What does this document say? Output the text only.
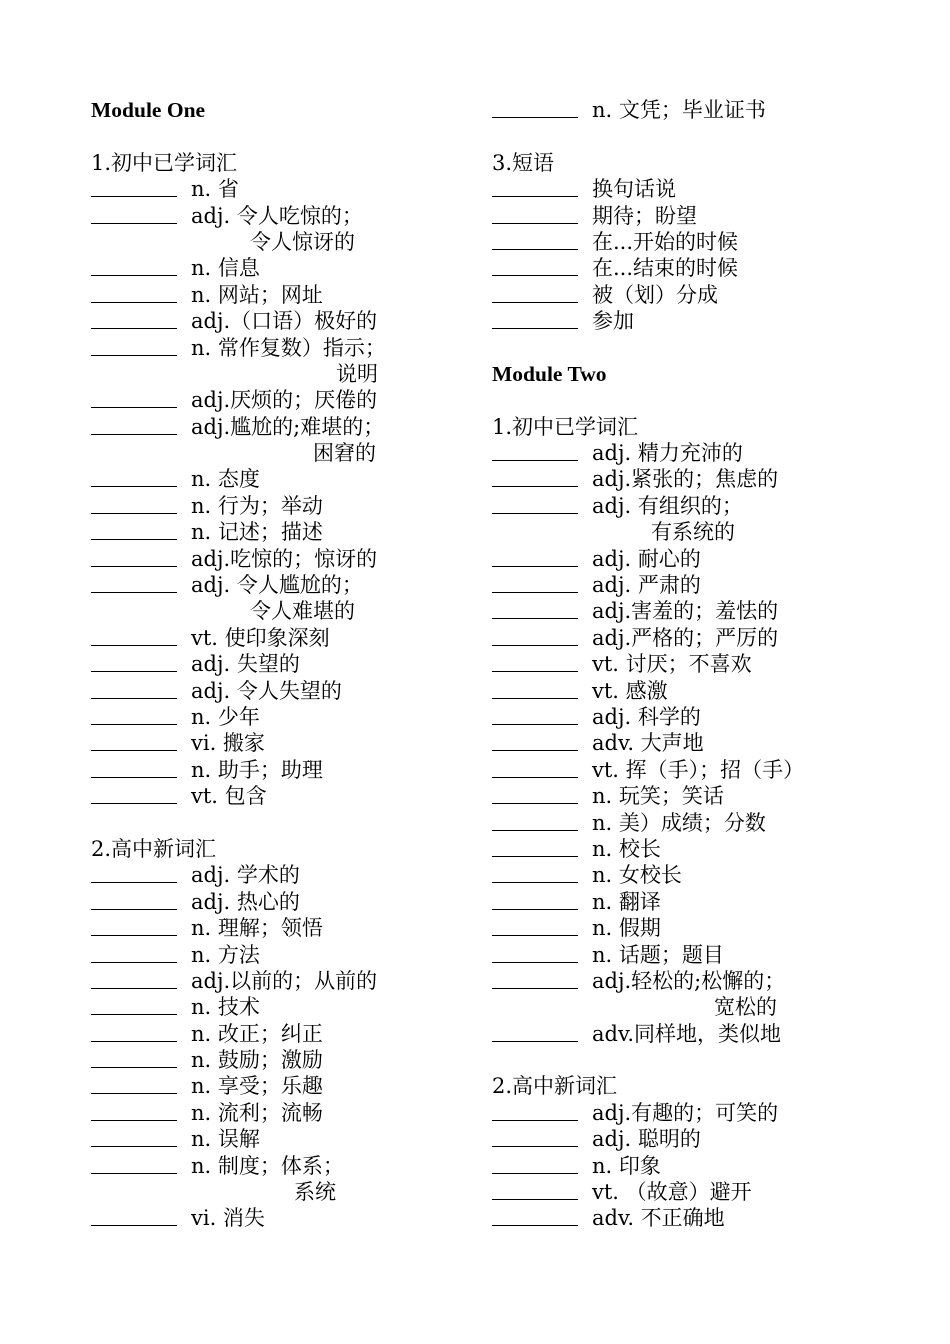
Module One
1.初中已学词汇
n. 省
adj. 令人吃惊的；
令人惊讶的
n. 信息
n. 网站；网址
adj.（口语）极好的
n. 常作复数）指示；
说明
adj.厌烦的；厌倦的
adj.尴尬的;难堪的；
困窘的
n. 态度
n. 行为；举动
n. 记述；描述
adj.吃惊的；惊讶的
adj. 令人尴尬的；
令人难堪的
vt. 使印象深刻
adj. 失望的
adj. 令人失望的
n. 少年
vi. 搬家
n. 助手；助理
vt. 包含
2.高中新词汇
adj. 学术的
adj. 热心的
n. 理解；领悟
n. 方法
adj.以前的；从前的
n. 技术
n. 改正；纠正
n. 鼓励；激励
n. 享受；乐趣
n. 流利；流畅
n. 误解
n. 制度；体系；
系统
vi. 消失
n. 文凭；毕业证书
3.短语
换句话说
期待；盼望
在...开始的时候
在...结束的时候
被（划）分成
参加
Module Two
1.初中已学词汇
adj. 精力充沛的
adj.紧张的；焦虑的
adj. 有组织的；
有系统的
adj. 耐心的
adj. 严肃的
adj.害羞的；羞怯的
adj.严格的；严厉的
vt. 讨厌；不喜欢
vt. 感激
adj. 科学的
adv. 大声地
vt. 挥（手）；招（手）
n. 玩笑；笑话
n. 美）成绩；分数
n. 校长
n. 女校长
n. 翻译
n. 假期
n. 话题；题目
adj.轻松的;松懈的；
宽松的
adv.同样地，类似地
2.高中新词汇
adj.有趣的；可笑的
adj. 聪明的
n. 印象
vt. （故意）避开
adv. 不正确地
